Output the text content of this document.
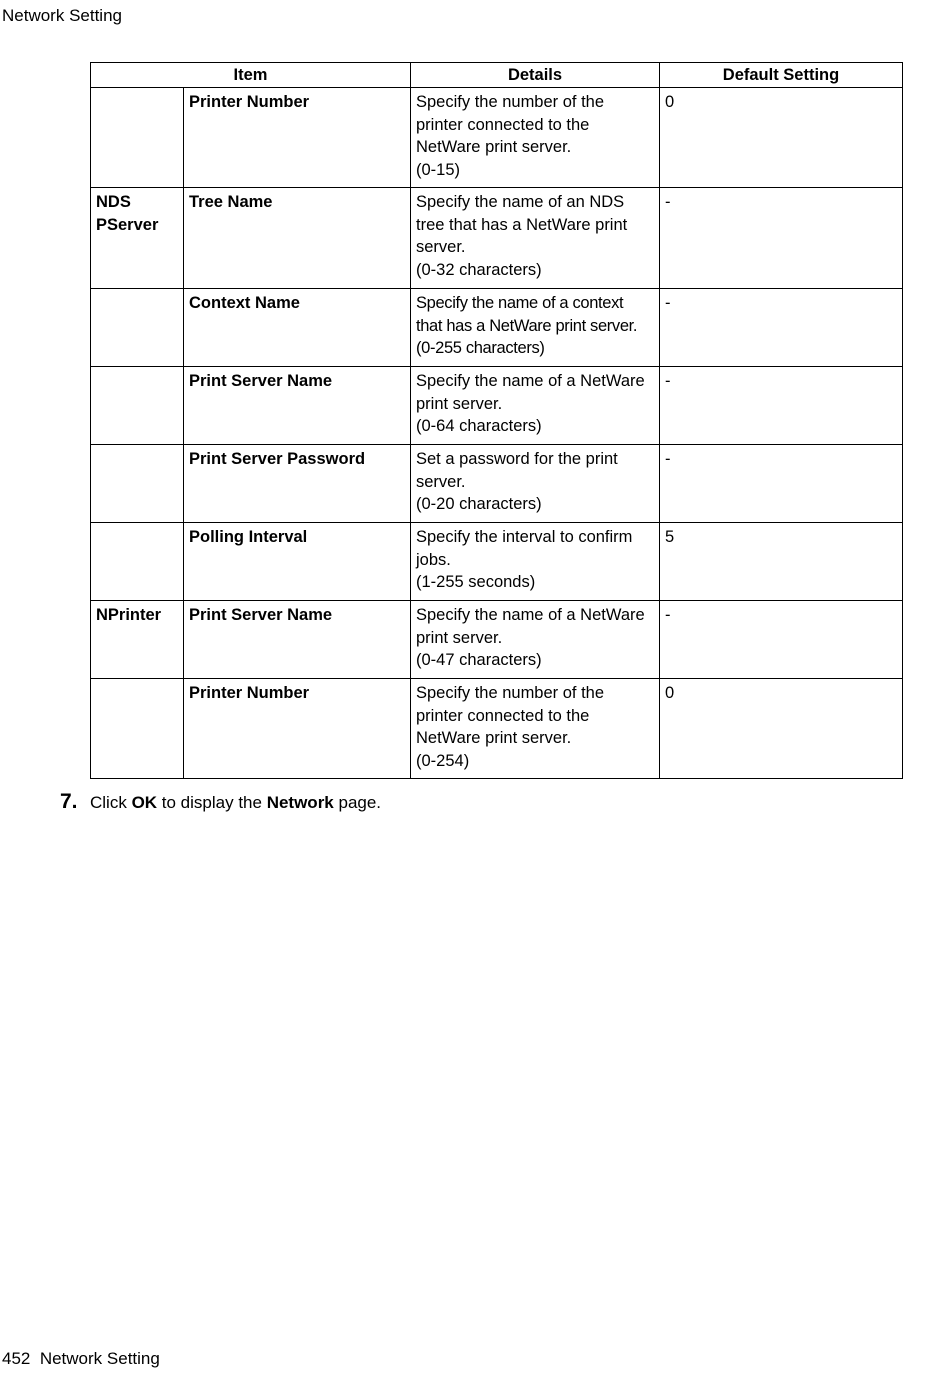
Network Setting
Item		Details	Default Setting
	Printer Number	Specify the number of the
printer connected to the
NetWare print server.
(0-15)	0

NDS
PServer	Tree Name	Specify the name of an NDS
tree that has a NetWare print
server.
(0-32 characters)	-
	Context Name	Specify the name of a context
that has a NetWare print server.
(0-255 characters)	-
	Print Server Name	Specify the name of a NetWare
print server.
(0-64 characters)	-
	Print Server Password	Set a password for the print
server.
(0-20 characters)	-
	Polling Interval	Specify the interval to confirm
jobs.
(1-255 seconds)	5
NPrinter	Print Server Name	Specify the name of a NetWare
print server.
(0-47 characters)	-
	Printer Number	Specify the number of the
printer connected to the
NetWare print server.
(0-254)	0
7. Click OK to display the Network page.
452 Network Setting
